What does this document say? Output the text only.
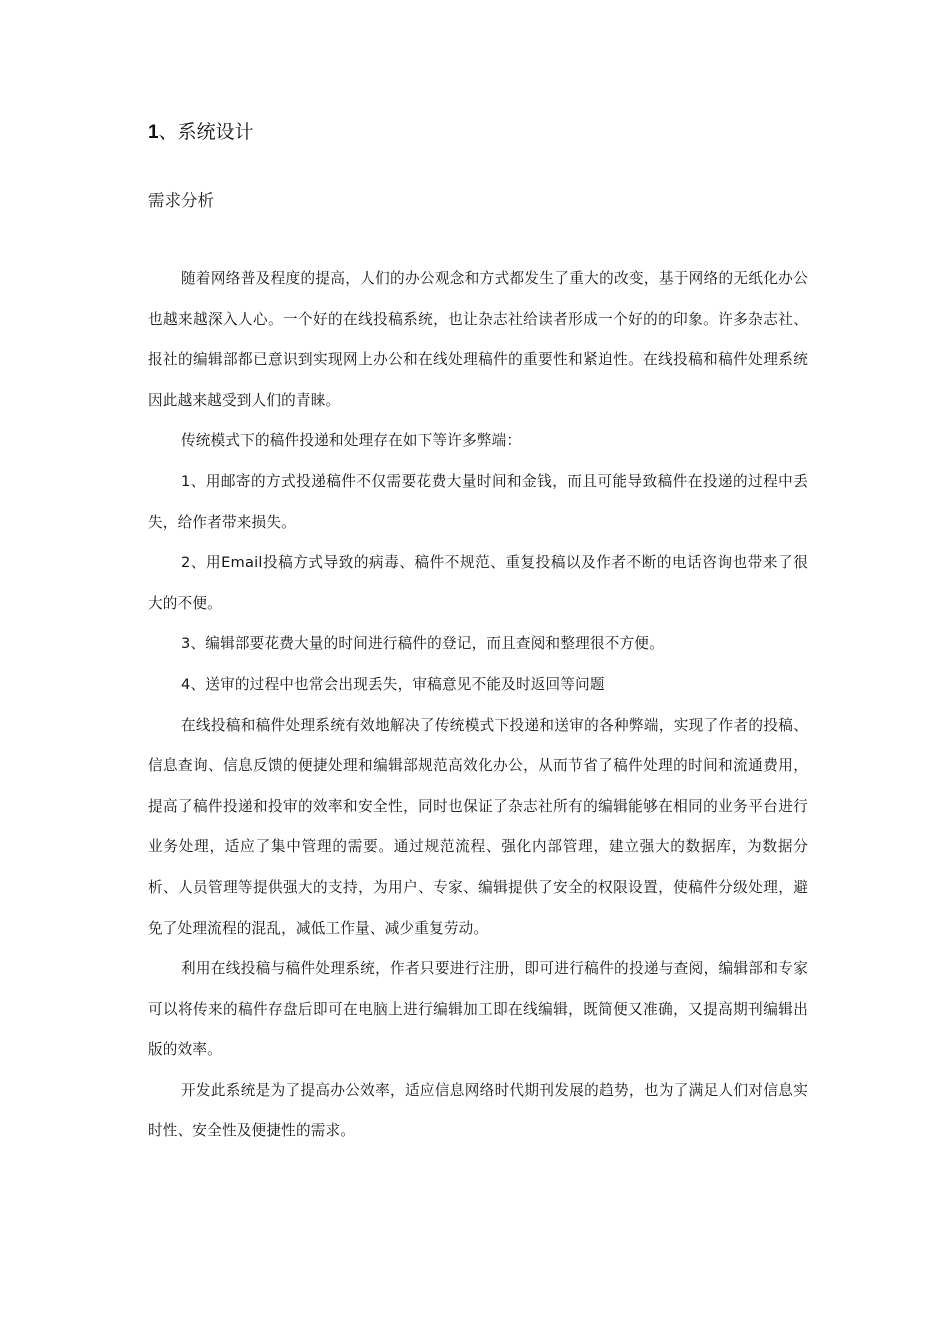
1、系统设计
需求分析

随着网络普及程度的提高，人们的办公观念和方式都发生了重大的改变，基于网络的无纸化办公也越来越深入人心。一个好的在线投稿系统，也让杂志社给读者形成一个好的的印象。许多杂志社、报社的编辑部都已意识到实现网上办公和在线处理稿件的重要性和紧迫性。在线投稿和稿件处理系统因此越来越受到人们的青睐。

传统模式下的稿件投递和处理存在如下等许多弊端：

1、用邮寄的方式投递稿件不仅需要花费大量时间和金钱，而且可能导致稿件在投递的过程中丢失，给作者带来损失。

2、用Email投稿方式导致的病毒、稿件不规范、重复投稿以及作者不断的电话咨询也带来了很大的不便。

3、编辑部要花费大量的时间进行稿件的登记，而且查阅和整理很不方便。

4、送审的过程中也常会出现丢失，审稿意见不能及时返回等问题

在线投稿和稿件处理系统有效地解决了传统模式下投递和送审的各种弊端，实现了作者的投稿、信息查询、信息反馈的便捷处理和编辑部规范高效化办公，从而节省了稿件处理的时间和流通费用，提高了稿件投递和投审的效率和安全性，同时也保证了杂志社所有的编辑能够在相同的业务平台进行业务处理，适应了集中管理的需要。通过规范流程、强化内部管理，建立强大的数据库，为数据分析、人员管理等提供强大的支持，为用户、专家、编辑提供了安全的权限设置，使稿件分级处理，避免了处理流程的混乱，减低工作量、减少重复劳动。

利用在线投稿与稿件处理系统，作者只要进行注册，即可进行稿件的投递与查阅，编辑部和专家可以将传来的稿件存盘后即可在电脑上进行编辑加工即在线编辑，既简便又准确，又提高期刊编辑出版的效率。

开发此系统是为了提高办公效率，适应信息网络时代期刊发展的趋势，也为了满足人们对信息实时性、安全性及便捷性的需求。
